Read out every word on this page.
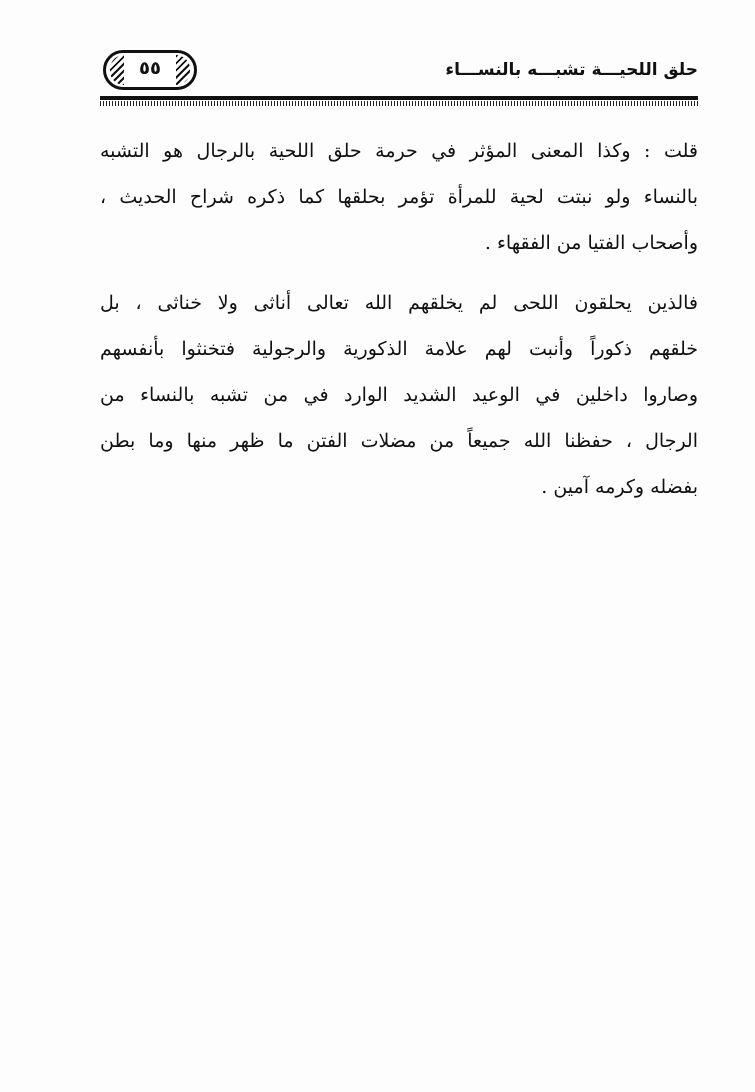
حلق اللحيـــة تشبـــه بالنســـاء
٥٥
قلت : وكذا المعنى المؤثر في حرمة حلق اللحية بالرجال هو التشبه
بالنساء ولو نبتت لحية للمرأة تؤمر بحلقها كما ذكره شراح الحديث ،
وأصحاب الفتيا من الفقهاء .
فالذين يحلقون اللحى لم يخلقهم الله تعالى أناثى ولا خناثى ، بل
خلقهم ذكوراً وأنبت لهم علامة الذكورية والرجولية فتخنثوا بأنفسهم
وصاروا داخلين في الوعيد الشديد الوارد في من تشبه بالنساء من
الرجال ، حفظنا الله جميعاً من مضلات الفتن ما ظهر منها وما بطن
بفضله وكرمه آمين .
